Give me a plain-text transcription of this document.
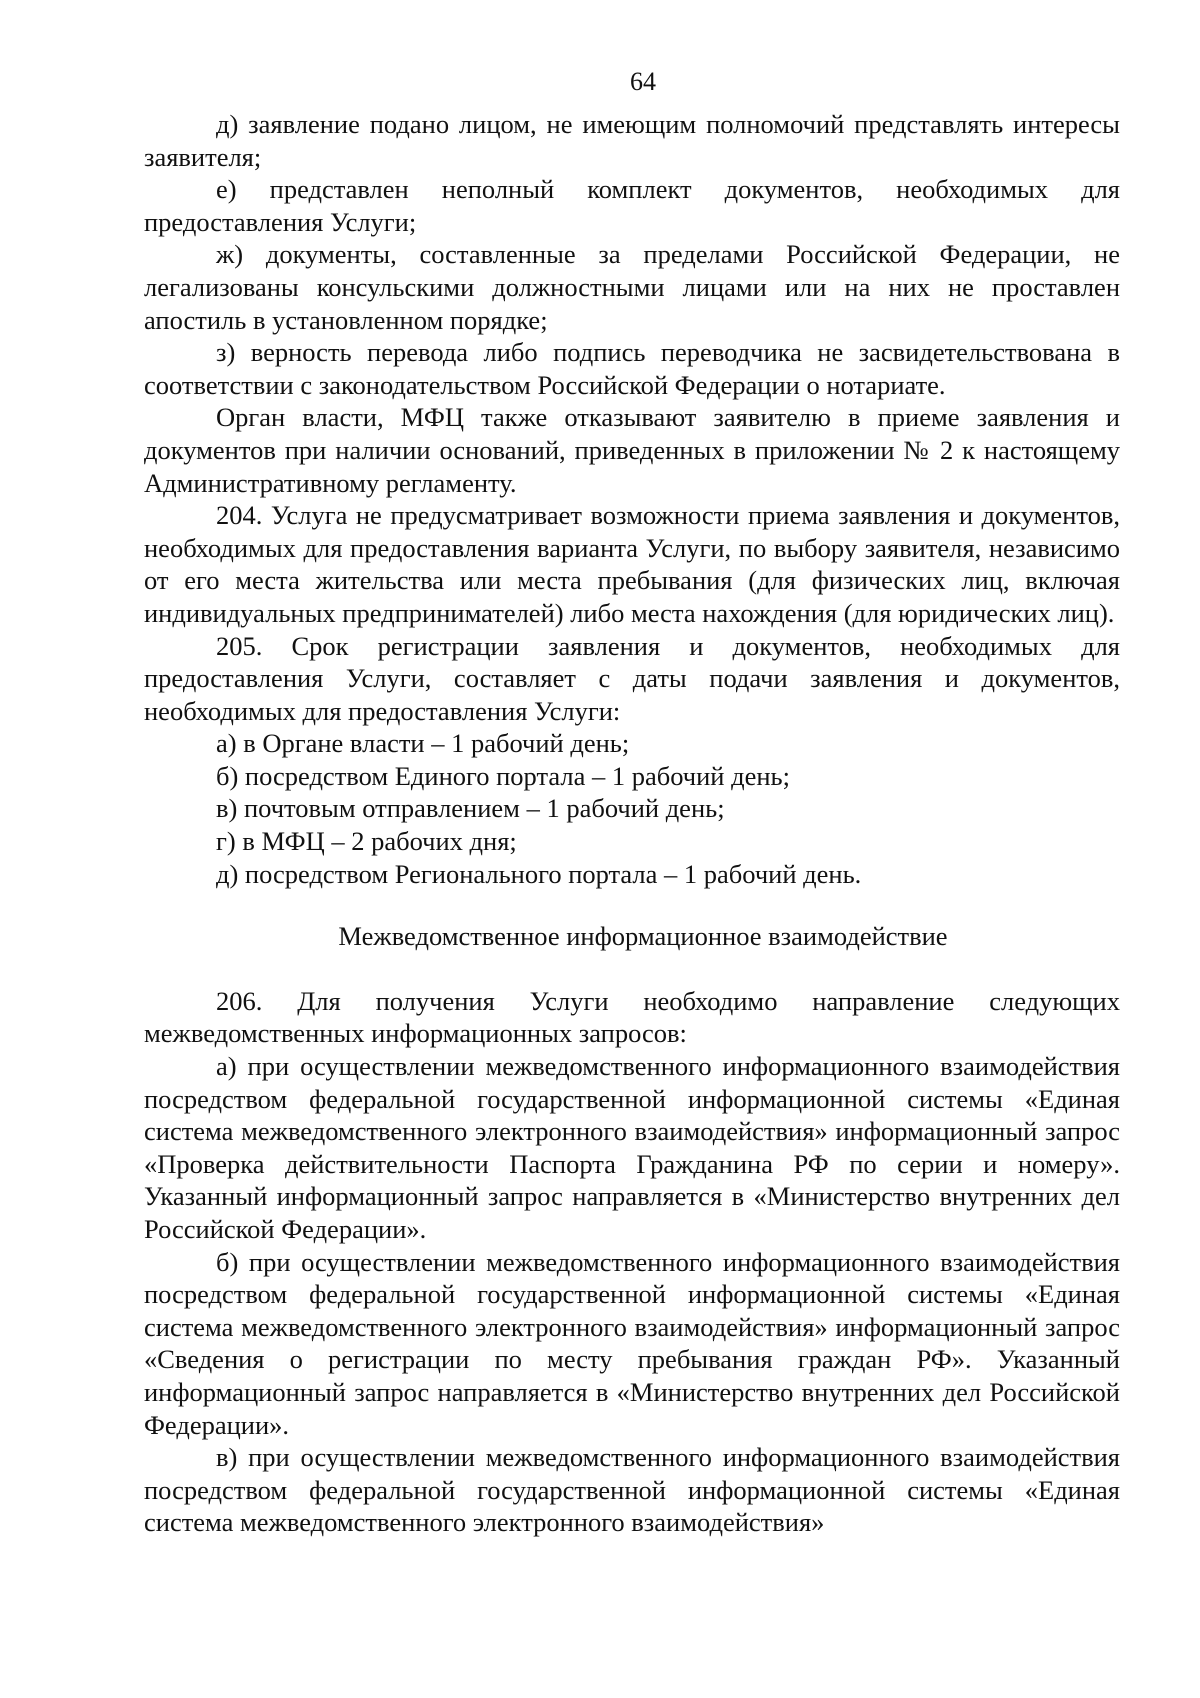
64

д) заявление подано лицом, не имеющим полномочий представлять интересы заявителя;

е) представлен неполный комплект документов, необходимых для предоставления Услуги;

ж) документы, составленные за пределами Российской Федерации, не легализованы консульскими должностными лицами или на них не проставлен апостиль в установленном порядке;

з) верность перевода либо подпись переводчика не засвидетельствована в соответствии с законодательством Российской Федерации о нотариате.

Орган власти, МФЦ также отказывают заявителю в приеме заявления и документов при наличии оснований, приведенных в приложении № 2 к настоящему Административному регламенту.

204. Услуга не предусматривает возможности приема заявления и документов, необходимых для предоставления варианта Услуги, по выбору заявителя, независимо от его места жительства или места пребывания (для физических лиц, включая индивидуальных предпринимателей) либо места нахождения (для юридических лиц).

205. Срок регистрации заявления и документов, необходимых для предоставления Услуги, составляет с даты подачи заявления и документов, необходимых для предоставления Услуги:

а) в Органе власти – 1 рабочий день;

б) посредством Единого портала – 1 рабочий день;

в) почтовым отправлением – 1 рабочий день;

г) в МФЦ – 2 рабочих дня;

д) посредством Регионального портала – 1 рабочий день.

Межведомственное информационное взаимодействие

206. Для получения Услуги необходимо направление следующих межведомственных информационных запросов:

а) при осуществлении межведомственного информационного взаимодействия посредством федеральной государственной информационной системы «Единая система межведомственного электронного взаимодействия» информационный запрос «Проверка действительности Паспорта Гражданина РФ по серии и номеру». Указанный информационный запрос направляется в «Министерство внутренних дел Российской Федерации».

б) при осуществлении межведомственного информационного взаимодействия посредством федеральной государственной информационной системы «Единая система межведомственного электронного взаимодействия» информационный запрос «Сведения о регистрации по месту пребывания граждан РФ». Указанный информационный запрос направляется в «Министерство внутренних дел Российской Федерации».

в) при осуществлении межведомственного информационного взаимодействия посредством федеральной государственной информационной системы «Единая система межведомственного электронного взаимодействия»
